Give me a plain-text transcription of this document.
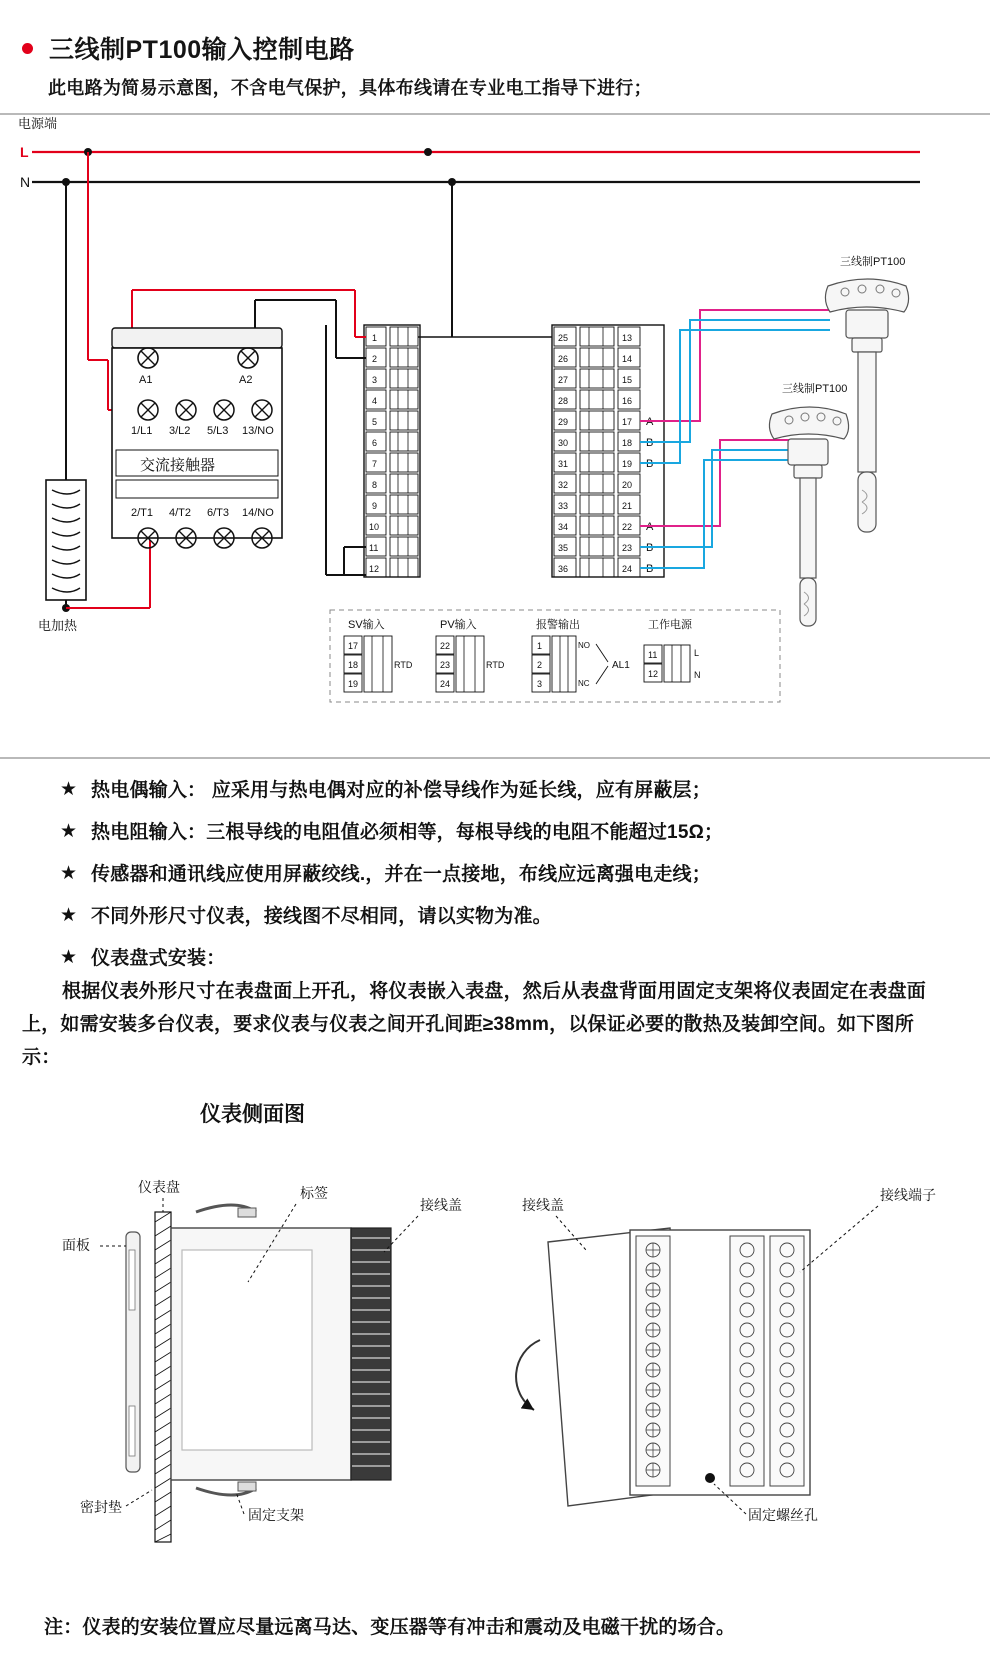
三线制PT100输入控制电路
此电路为简易示意图，不含电气保护，具体布线请在专业电工指导下进行；
电源端
L
N
电加热
A1	A2
1/L1 3/L2 5/L3 13/NO
交流接触器
2/T1 4/T2 6/T3 14/NO
1
2
3
4
5
6
7
8
9
10
11
12
25	13
26	14
27	15
28	16
29	17
30	18
31	19
32	20
33	21
34	22
35	23
36	24
A
B
B
A
B
B
三线制PT100
三线制PT100
SV输入
17
18
19
RTD
PV输入
22
23
24
RTD
报警输出
1
2
3
NO
NC
AL1
工作电源
11
12
L
N
★ 热电偶输入： 应采用与热电偶对应的补偿导线作为延长线，应有屏蔽层；
★ 热电阻输入：三根导线的电阻值必须相等，每根导线的电阻不能超过15Ω；
★ 传感器和通讯线应使用屏蔽绞线.，并在一点接地，布线应远离强电走线；
★ 不同外形尺寸仪表，接线图不尽相同，请以实物为准。
★ 仪表盘式安装：
根据仪表外形尺寸在表盘面上开孔，将仪表嵌入表盘，然后从表盘背面用固定支架将仪表固定在表盘面上，如需安装多台仪表，要求仪表与仪表之间开孔间距≥38mm，以保证必要的散热及装卸空间。如下图所示：
仪表侧面图
仪表盘
面板
标签
接线盖
密封垫	固定支架
接线盖
接线端子
固定螺丝孔
注：仪表的安装位置应尽量远离马达、变压器等有冲击和震动及电磁干扰的场合。
